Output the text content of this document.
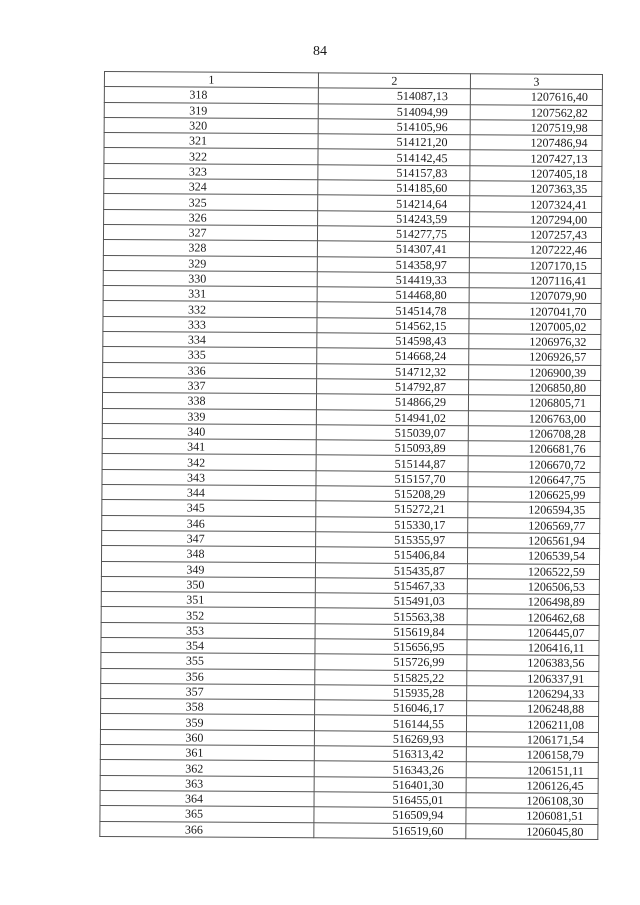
84
1	2	3
318	514087,13	1207616,40
319	514094,99	1207562,82
320	514105,96	1207519,98
321	514121,20	1207486,94
322	514142,45	1207427,13
323	514157,83	1207405,18
324	514185,60	1207363,35
325	514214,64	1207324,41
326	514243,59	1207294,00
327	514277,75	1207257,43
328	514307,41	1207222,46
329	514358,97	1207170,15
330	514419,33	1207116,41
331	514468,80	1207079,90
332	514514,78	1207041,70
333	514562,15	1207005,02
334	514598,43	1206976,32
335	514668,24	1206926,57
336	514712,32	1206900,39
337	514792,87	1206850,80
338	514866,29	1206805,71
339	514941,02	1206763,00
340	515039,07	1206708,28
341	515093,89	1206681,76
342	515144,87	1206670,72
343	515157,70	1206647,75
344	515208,29	1206625,99
345	515272,21	1206594,35
346	515330,17	1206569,77
347	515355,97	1206561,94
348	515406,84	1206539,54
349	515435,87	1206522,59
350	515467,33	1206506,53
351	515491,03	1206498,89
352	515563,38	1206462,68
353	515619,84	1206445,07
354	515656,95	1206416,11
355	515726,99	1206383,56
356	515825,22	1206337,91
357	515935,28	1206294,33
358	516046,17	1206248,88
359	516144,55	1206211,08
360	516269,93	1206171,54
361	516313,42	1206158,79
362	516343,26	1206151,11
363	516401,30	1206126,45
364	516455,01	1206108,30
365	516509,94	1206081,51
366	516519,60	1206045,80
